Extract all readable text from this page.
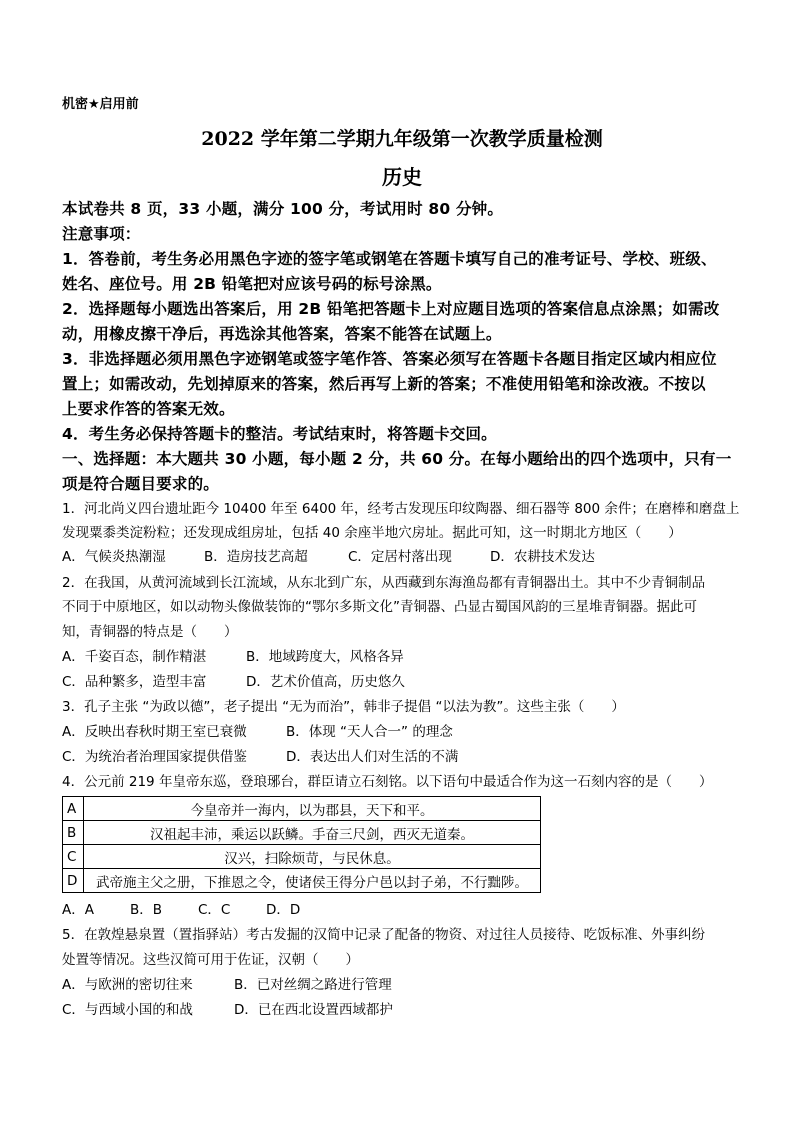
机密★启用前
2022 学年第二学期九年级第一次教学质量检测
历史
本试卷共 8 页，33 小题，满分 100 分，考试用时 80 分钟。
注意事项：
1．答卷前，考生务必用黑色字迹的签字笔或钢笔在答题卡填写自己的准考证号、学校、班级、
姓名、座位号。用 2B 铅笔把对应该号码的标号涂黑。
2．选择题每小题选出答案后，用 2B 铅笔把答题卡上对应题目选项的答案信息点涂黑；如需改
动，用橡皮擦干净后，再选涂其他答案，答案不能答在试题上。
3．非选择题必须用黑色字迹钢笔或签字笔作答、答案必须写在答题卡各题目指定区域内相应位
置上；如需改动，先划掉原来的答案，然后再写上新的答案；不准使用铅笔和涂改液。不按以
上要求作答的答案无效。
4．考生务必保持答题卡的整洁。考试结束时，将答题卡交回。
一、选择题：本大题共 30 小题，每小题 2 分，共 60 分。在每小题给出的四个选项中，只有一
项是符合题目要求的。
1．河北尚义四台遗址距今 10400 年至 6400 年，经考古发现压印纹陶器、细石器等 800 余件；在磨棒和磨盘上
发现粟黍类淀粉粒；还发现成组房址，包括 40 余座半地穴房址。据此可知，这一时期北方地区（　　）
A．气候炎热潮湿	B．造房技艺高超	C．定居村落出现	D．农耕技术发达
2．在我国，从黄河流域到长江流域，从东北到广东，从西藏到东海渔岛都有青铜器出土。其中不少青铜制品
不同于中原地区，如以动物头像做装饰的“鄂尔多斯文化”青铜器、凸显古蜀国风韵的三星堆青铜器。据此可
知，青铜器的特点是（　　）
A．千姿百态，制作精湛	B．地域跨度大，风格各异
C．品种繁多，造型丰富	D．艺术价值高，历史悠久
3．孔子主张 “为政以德”，老子提出 “无为而治”，韩非子提倡 “以法为教”。这些主张（　　）
A．反映出春秋时期王室已衰微	B．体现 “天人合一” 的理念
C．为统治者治理国家提供借鉴	D．表达出人们对生活的不满
4．公元前 219 年皇帝东巡，登琅琊台，群臣请立石刻铭。以下语句中最适合作为这一石刻内容的是（　　）
A	今皇帝并一海内，以为郡县，天下和平。
B	汉祖起丰沛，乘运以跃鳞。手奋三尺剑，西灭无道秦。
C	汉兴，扫除烦苛，与民休息。
D	武帝施主父之册，下推恩之令，使诸侯王得分户邑以封子弟，不行黜陟。
A．A	B．B	C．C	D．D
5．在敦煌悬泉置（置指驿站）考古发掘的汉简中记录了配备的物资、对过往人员接待、吃饭标准、外事纠纷
处置等情况。这些汉简可用于佐证，汉朝（　　）
A．与欧洲的密切往来	B．已对丝绸之路进行管理
C．与西域小国的和战	D．已在西北设置西域都护
